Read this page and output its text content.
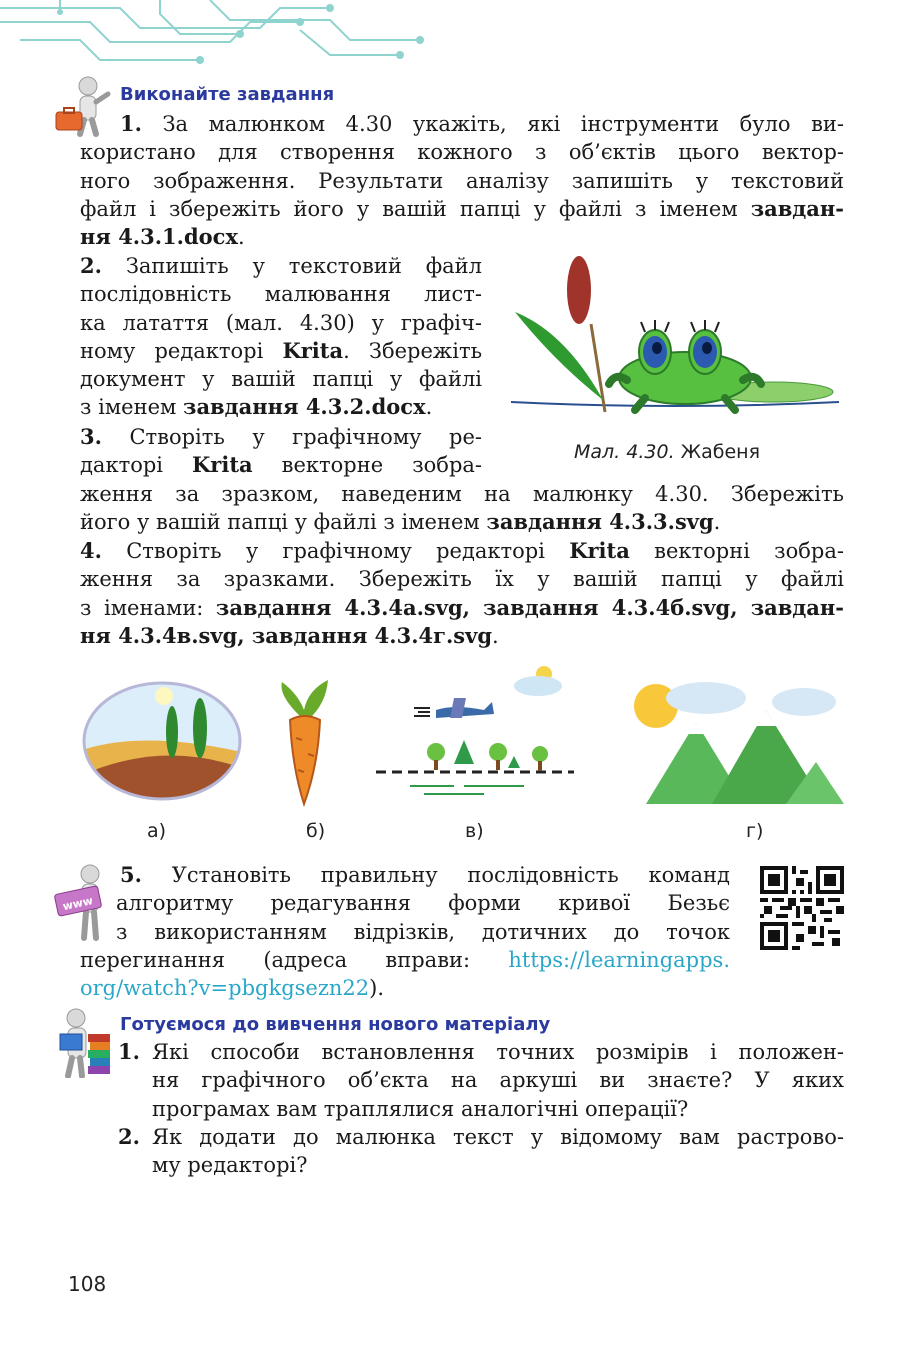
Виконайте завдання
1. За малюнком 4.30 укажіть, які інструменти було ви-
користано для створення кожного з об’єктів цього вектор-
ного зображення. Результати аналізу запишіть у текстовий
файл і збережіть його у вашій папці у файлі з іменем завдан-
ня 4.3.1.docx.
2. Запишіть у текстовий файл
послідовність малювання лист-
ка латаття (мал. 4.30) у графіч-
ному редакторі Krita. Збережіть
документ у вашій папці у файлі
з іменем завдання 4.3.2.docx.
3. Створіть у графічному ре-
дакторі Krita векторне зобра-
ження за зразком, наведеним на малюнку 4.30. Збережіть
його у вашій папці у файлі з іменем завдання 4.3.3.svg.
4. Створіть у графічному редакторі Krita векторні зобра-
ження за зразками. Збережіть їх у вашій папці у файлі
з іменами: завдання 4.3.4a.svg, завдання 4.3.4б.svg, завдан-
ня 4.3.4в.svg, завдання 4.3.4г.svg.
Мал. 4.30. Жабеня
а)	б)	в)	г)
www
5. Установіть правильну послідовність команд
алгоритму редагування форми кривої Безьє
з використанням відрізків, дотичних до точок
перегинання (адреса вправи: https://learningapps.
org/watch?v=pbgkgsezn22).
Готуємося до вивчення нового матеріалу
1. Які способи встановлення точних розмірів і положен-
ня графічного об’єкта на аркуші ви знаєте? У яких
програмах вам траплялися аналогічні операції?
2. Як додати до малюнка текст у відомому вам растрово-
му редакторі?
108
